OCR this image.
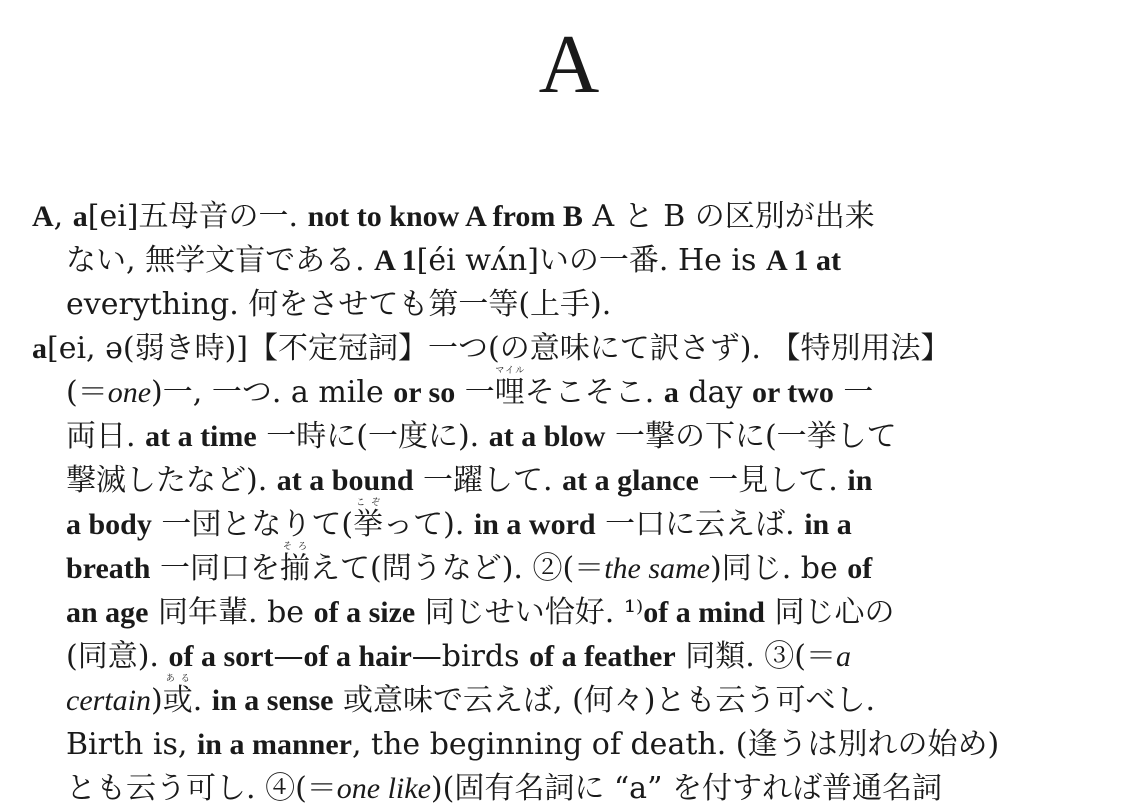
A

A, a[ei]五母音の一. not to know A from B A と B の区別が出来
ない, 無学文盲である. A 1[éi wʌ́n]いの一番. He is A 1 at
everything. 何をさせても第一等(上手).

a[ei, ə(弱き時)]【不定冠詞】一つ(の意味にて訳さず). 【特別用法】
(＝one)一, 一つ. a mile or so 一哩マイルそこそこ. a day or two 一
両日. at a time 一時に(一度に). at a blow 一撃の下に(一挙して
撃滅したなど). at a bound 一躍して. at a glance 一見して. in
a body 一団となりて(挙こぞって). in a word 一口に云えば. in a
breath 一同口を揃そろえて(問うなど). ②(＝the same)同じ. be of
an age 同年輩. be of a size 同じせい恰好. ¹⁾of a mind 同じ心の
(同意). of a sort—of a hair—birds of a feather 同類. ③(＝a
certain)或ある. in a sense 或意味で云えば, (何々)とも云う可べし.
Birth is, in a manner, the beginning of death. (逢うは別れの始め)
とも云う可し. ④(＝one like)(固有名詞に “a” を付すれば普通名詞
